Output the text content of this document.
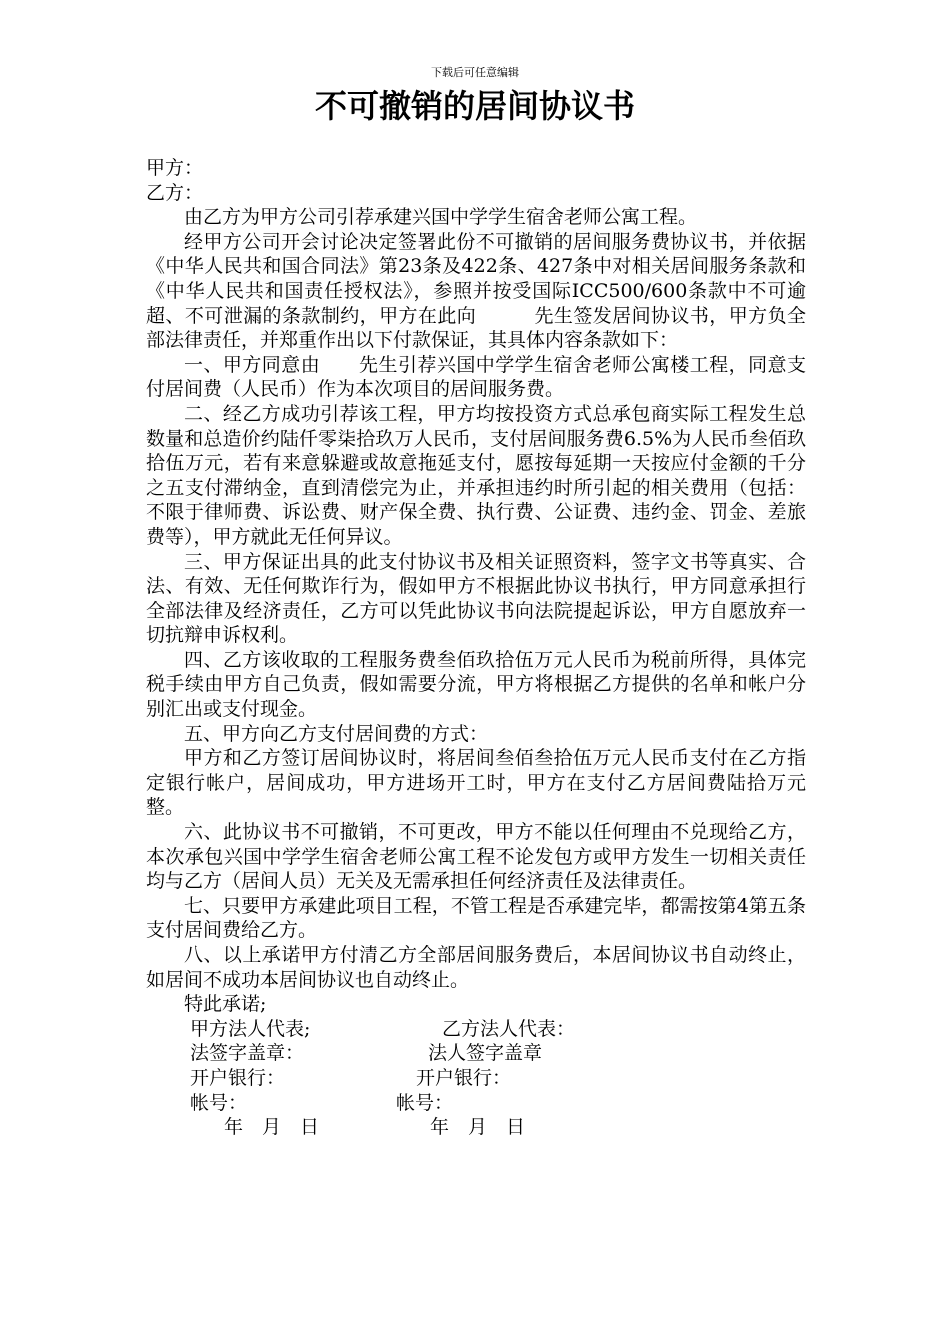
下载后可任意编辑
不可撤销的居间协议书

甲方：

乙方：

由乙方为甲方公司引荐承建兴国中学学生宿舍老师公寓工程。

经甲方公司开会讨论决定签署此份不可撤销的居间服务费协议书，并依据《中华人民共和国合同法》第23条及422条、427条中对相关居间服务条款和《中华人民共和国责任授权法》，参照并按受国际ICC500/600条款中不可逾超、不可泄漏的条款制约，甲方在此向　　　先生签发居间协议书，甲方负全部法律责任，并郑重作出以下付款保证，其具体内容条款如下：

一、甲方同意由　　先生引荐兴国中学学生宿舍老师公寓楼工程，同意支付居间费（人民币）作为本次项目的居间服务费。

二、经乙方成功引荐该工程，甲方均按投资方式总承包商实际工程发生总数量和总造价约陆仟零柒拾玖万人民币，支付居间服务费6.5%为人民币叁佰玖拾伍万元，若有来意躲避或故意拖延支付，愿按每延期一天按应付金额的千分之五支付滞纳金，直到清偿完为止，并承担违约时所引起的相关费用（包括：不限于律师费、诉讼费、财产保全费、执行费、公证费、违约金、罚金、差旅费等），甲方就此无任何异议。

三、甲方保证出具的此支付协议书及相关证照资料，签字文书等真实、合法、有效、无任何欺诈行为，假如甲方不根据此协议书执行，甲方同意承担行全部法律及经济责任，乙方可以凭此协议书向法院提起诉讼，甲方自愿放弃一切抗辩申诉权利。

四、乙方该收取的工程服务费叁佰玖拾伍万元人民币为税前所得，具体完税手续由甲方自己负责，假如需要分流，甲方将根据乙方提供的名单和帐户分别汇出或支付现金。

五、甲方向乙方支付居间费的方式：

甲方和乙方签订居间协议时，将居间叁佰叁拾伍万元人民币支付在乙方指定银行帐户，居间成功，甲方进场开工时，甲方在支付乙方居间费陆拾万元整。

六、此协议书不可撤销，不可更改，甲方不能以任何理由不兑现给乙方，本次承包兴国中学学生宿舍老师公寓工程不论发包方或甲方发生一切相关责任均与乙方（居间人员）无关及无需承担任何经济责任及法律责任。

七、只要甲方承建此项目工程，不管工程是否承建完毕，都需按第4第五条支付居间费给乙方。

八、以上承诺甲方付清乙方全部居间服务费后，本居间协议书自动终止，如居间不成功本居间协议也自动终止。

特此承诺;

甲方法人代表;	乙方法人代表：
法签字盖章：	法人签字盖章
开户银行：	开户银行：
帐号：	帐号：
年　月　日	年　月　日
